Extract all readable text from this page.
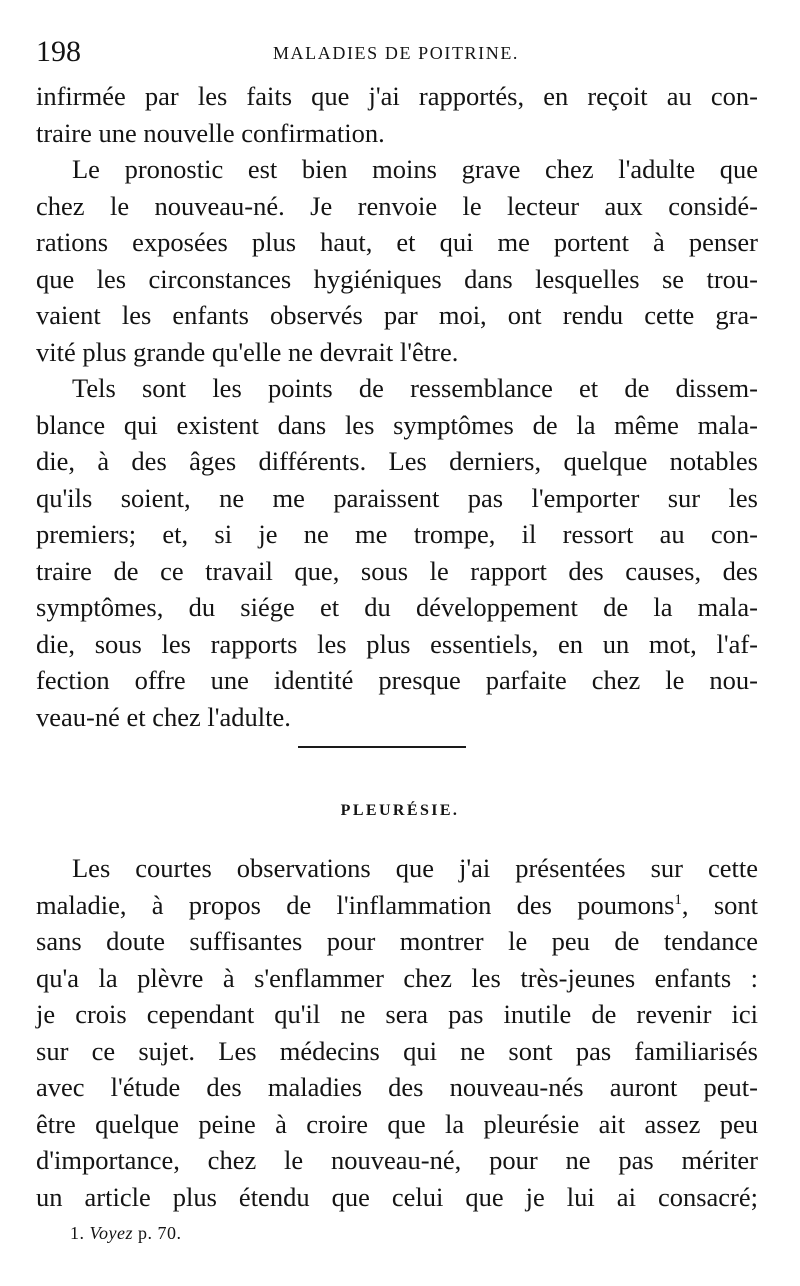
198	MALADIES DE POITRINE.
infirmée par les faits que j'ai rapportés, en reçoit au con-
traire une nouvelle confirmation.
Le pronostic est bien moins grave chez l'adulte que
chez le nouveau-né. Je renvoie le lecteur aux considé-
rations exposées plus haut, et qui me portent à penser
que les circonstances hygiéniques dans lesquelles se trou-
vaient les enfants observés par moi, ont rendu cette gra-
vité plus grande qu'elle ne devrait l'être.
Tels sont les points de ressemblance et de dissem-
blance qui existent dans les symptômes de la même mala-
die, à des âges différents. Les derniers, quelque notables
qu'ils soient, ne me paraissent pas l'emporter sur les
premiers; et, si je ne me trompe, il ressort au con-
traire de ce travail que, sous le rapport des causes, des
symptômes, du siége et du développement de la mala-
die, sous les rapports les plus essentiels, en un mot, l'af-
fection offre une identité presque parfaite chez le nou-
veau-né et chez l'adulte.
PLEURÉSIE.
Les courtes observations que j'ai présentées sur cette
maladie, à propos de l'inflammation des poumons$^1$, sont
sans doute suffisantes pour montrer le peu de tendance
qu'a la plèvre à s'enflammer chez les très-jeunes enfants :
je crois cependant qu'il ne sera pas inutile de revenir ici
sur ce sujet. Les médecins qui ne sont pas familiarisés
avec l'étude des maladies des nouveau-nés auront peut-
être quelque peine à croire que la pleurésie ait assez peu
d'importance, chez le nouveau-né, pour ne pas mériter
un article plus étendu que celui que je lui ai consacré;
1. Voyez p. 70.
